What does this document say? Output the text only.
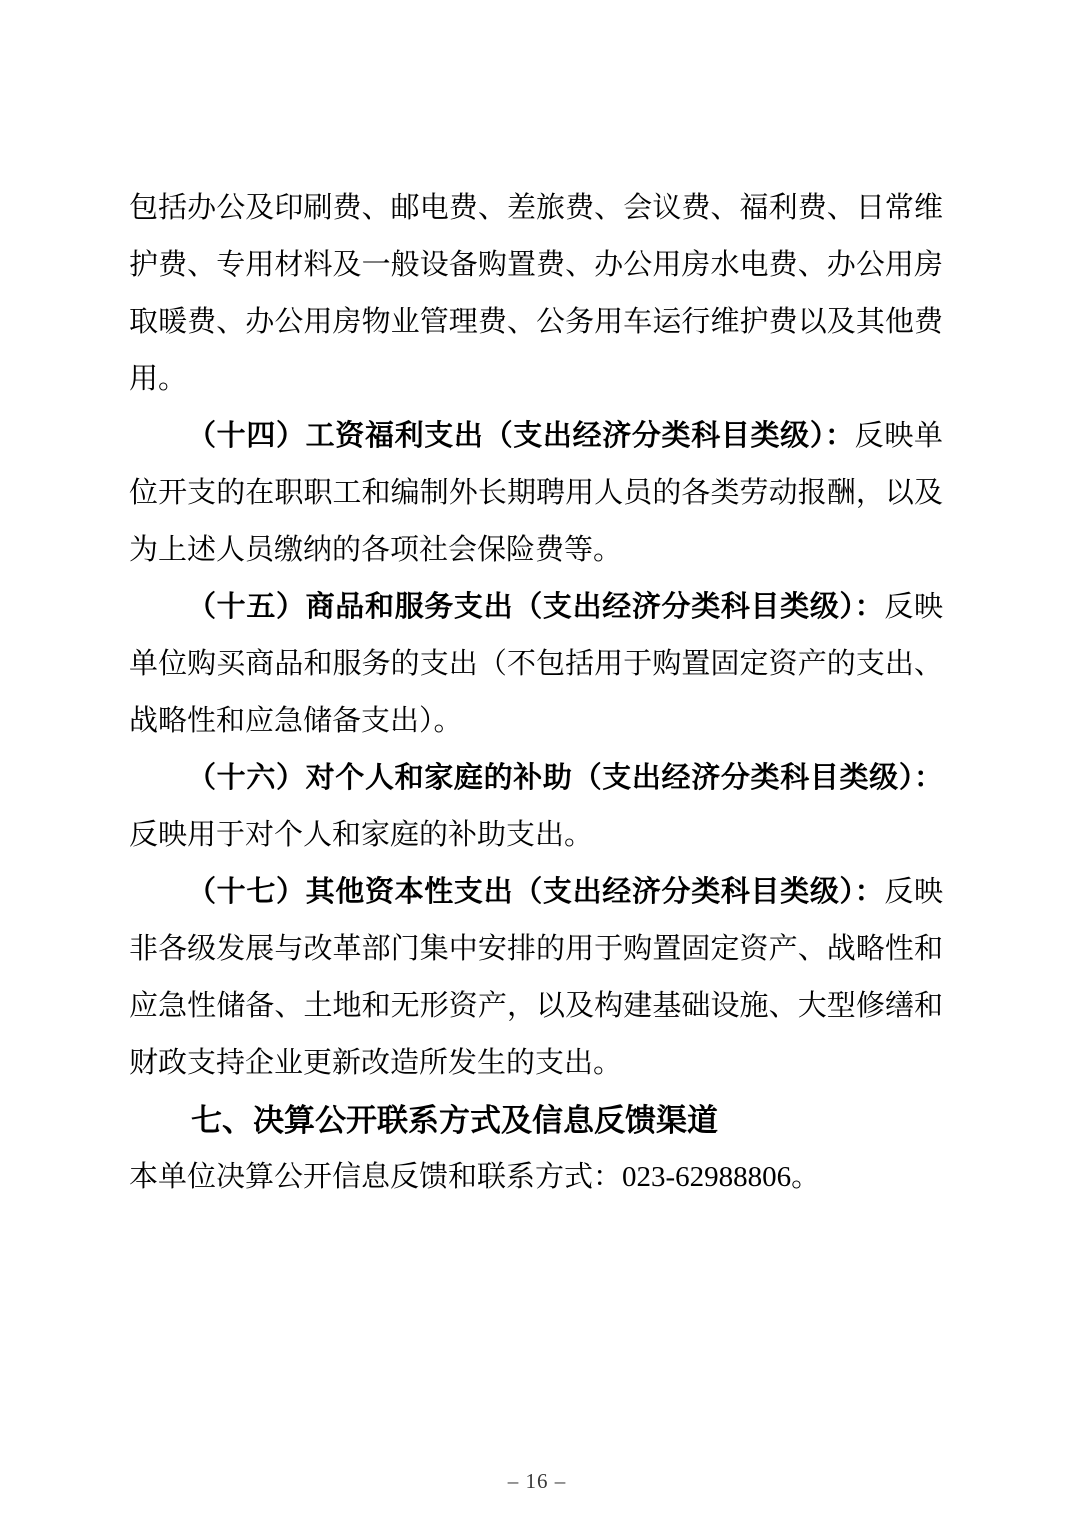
包括办公及印刷费、邮电费、差旅费、会议费、福利费、日常维护费、专用材料及一般设备购置费、办公用房水电费、办公用房取暖费、办公用房物业管理费、公务用车运行维护费以及其他费用。

（十四）工资福利支出（支出经济分类科目类级）：反映单位开支的在职职工和编制外长期聘用人员的各类劳动报酬，以及为上述人员缴纳的各项社会保险费等。

（十五）商品和服务支出（支出经济分类科目类级）：反映单位购买商品和服务的支出（不包括用于购置固定资产的支出、战略性和应急储备支出）。

（十六）对个人和家庭的补助（支出经济分类科目类级）：反映用于对个人和家庭的补助支出。

（十七）其他资本性支出（支出经济分类科目类级）：反映非各级发展与改革部门集中安排的用于购置固定资产、战略性和应急性储备、土地和无形资产，以及构建基础设施、大型修缮和财政支持企业更新改造所发生的支出。

七、决算公开联系方式及信息反馈渠道

本单位决算公开信息反馈和联系方式：023-62988806。

– 16 –
